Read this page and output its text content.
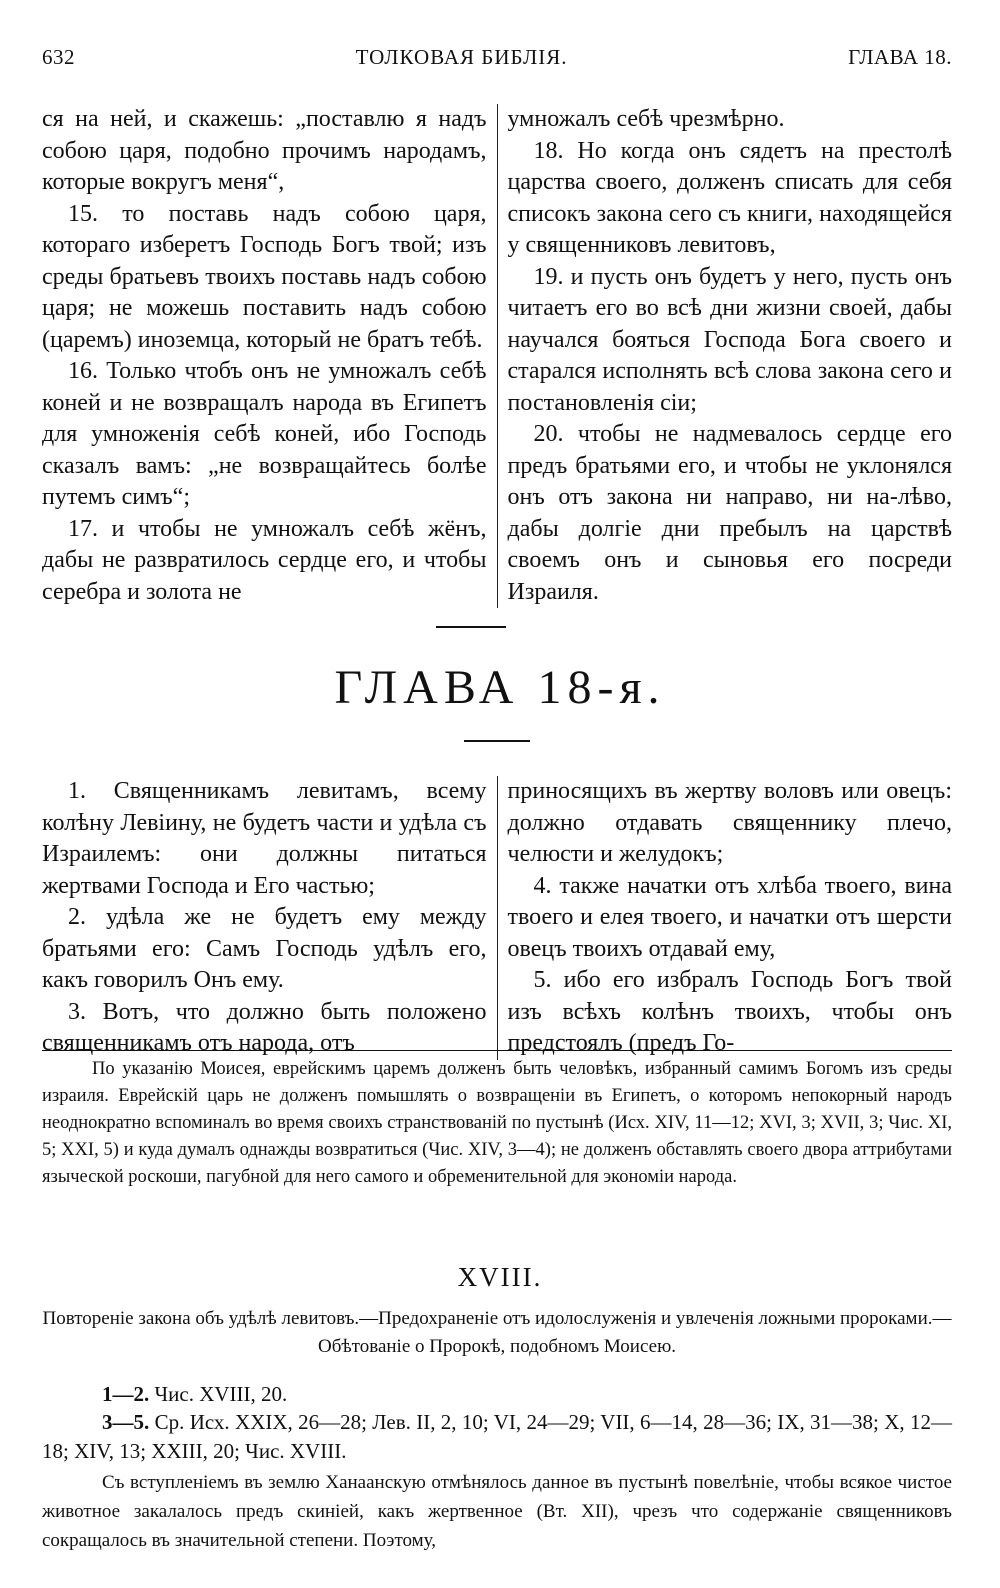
632	ТОЛКОВАЯ БИБЛІЯ.	ГЛАВА 18.

ся на ней, и скажешь: „поставлю я надъ собою царя, подобно прочимъ народамъ, которые вокругъ меня“,

15. то поставь надъ собою царя, котораго изберетъ Господь Богъ твой; изъ среды братьевъ твоихъ поставь надъ собою царя; не можешь поставить надъ собою (царемъ) иноземца, который не братъ тебѣ.

16. Только чтобъ онъ не умножалъ себѣ коней и не возвращалъ народа въ Египетъ для умноженія себѣ коней, ибо Господь сказалъ вамъ: „не возвращайтесь болѣе путемъ симъ“;

17. и чтобы не умножалъ себѣ жёнъ, дабы не развратилось сердце его, и чтобы серебра и золота не

умножалъ себѣ чрезмѣрно.

18. Но когда онъ сядетъ на престолѣ царства своего, долженъ списать для себя списокъ закона сего съ книги, находящейся у священниковъ левитовъ,

19. и пусть онъ будетъ у него, пусть онъ читаетъ его во всѣ дни жизни своей, дабы научался бояться Господа Бога своего и старался исполнять всѣ слова закона сего и постановленія сіи;

20. чтобы не надмевалось сердце его предъ братьями его, и чтобы не уклонялся онъ отъ закона ни направо, ни на-лѣво, дабы долгіе дни пребылъ на царствѣ своемъ онъ и сыновья его посреди Израиля.

ГЛАВА 18-я.

1. Священникамъ левитамъ, всему колѣну Левіину, не будетъ части и удѣла съ Израилемъ: они должны питаться жертвами Господа и Его частью;

2. удѣла же не будетъ ему между братьями его: Самъ Господь удѣлъ его, какъ говорилъ Онъ ему.

3. Вотъ, что должно быть положено священникамъ отъ народа, отъ

приносящихъ въ жертву воловъ или овецъ: должно отдавать священнику плечо, челюсти и желудокъ;

4. также начатки отъ хлѣба твоего, вина твоего и елея твоего, и начатки отъ шерсти овецъ твоихъ отдавай ему,

5. ибо его избралъ Господь Богъ твой изъ всѣхъ колѣнъ твоихъ, чтобы онъ предстоялъ (предъ Го-

По указанію Моисея, еврейскимъ царемъ долженъ быть человѣкъ, избранный самимъ Богомъ изъ среды израиля. Еврейскій царь не долженъ помышлять о возвращеніи въ Египетъ, о которомъ непокорный народъ неоднократно вспоминалъ во время своихъ странствованій по пустынѣ (Исх. XIV, 11—12; XVI, 3; XVII, 3; Чис. XI, 5; XXI, 5) и куда думалъ однажды возвратиться (Чис. XIV, 3—4); не долженъ обставлять своего двора аттрибутами языческой роскоши, пагубной для него самого и обременительной для экономіи народа.

XVIII.

Повтореніе закона объ удѣлѣ левитовъ.—Предохраненіе отъ идолослуженія и увлеченія ложными пророками.—Обѣтованіе о Пророкѣ, подобномъ Моисею.

1—2. Чис. XVIII, 20.

3—5. Ср. Исх. XXIX, 26—28; Лев. II, 2, 10; VI, 24—29; VII, 6—14, 28—36; IX, 31—38; X, 12—18; XIV, 13; XXIII, 20; Чис. XVIII.

Съ вступленіемъ въ землю Ханаанскую отмѣнялось данное въ пустынѣ повелѣніе, чтобы всякое чистое животное закалалось предъ скиніей, какъ жертвенное (Вт. XII), чрезъ что содержаніе священниковъ сокращалось въ значительной степени. Поэтому,
